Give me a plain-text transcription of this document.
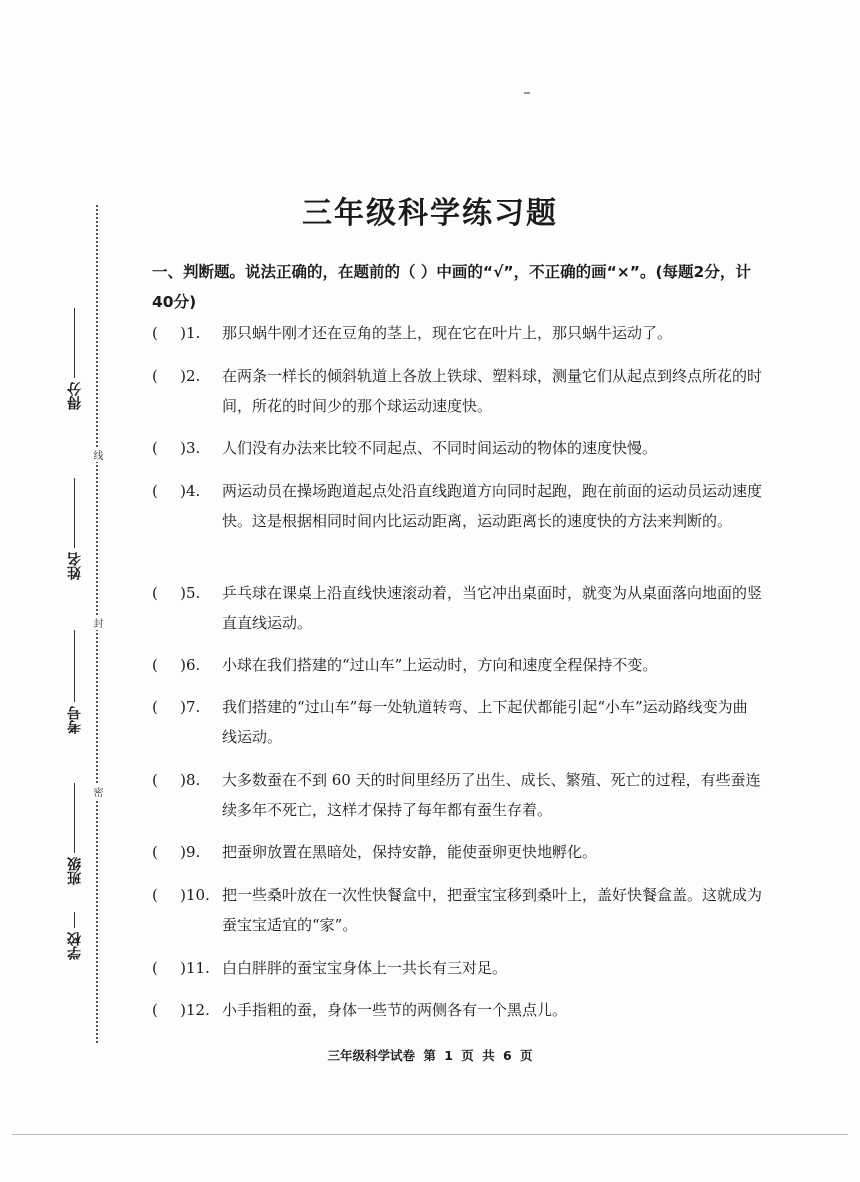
线
封
密
得分
姓名
考号
班级
学校
三年级科学练习题
一、判断题。说法正确的，在题前的（ ）中画的“√”，不正确的画“×”。(每题2分，计40分)
( ) 1.	那只蜗牛刚才还在豆角的茎上，现在它在叶片上，那只蜗牛运动了。
( ) 2.	在两条一样长的倾斜轨道上各放上铁球、塑料球，测量它们从起点到终点所花的时间，所花的时间少的那个球运动速度快。
( ) 3.	人们没有办法来比较不同起点、不同时间运动的物体的速度快慢。
( ) 4.	两运动员在操场跑道起点处沿直线跑道方向同时起跑，跑在前面的运动员运动速度快。这是根据相同时间内比运动距离，运动距离长的速度快的方法来判断的。
( ) 5.	乒乓球在课桌上沿直线快速滚动着，当它冲出桌面时，就变为从桌面落向地面的竖直直线运动。
( ) 6.	小球在我们搭建的“过山车”上运动时，方向和速度全程保持不变。
( ) 7.	我们搭建的“过山车”每一处轨道转弯、上下起伏都能引起“小车”运动路线变为曲线运动。
( ) 8.	大多数蚕在不到 60 天的时间里经历了出生、成长、繁殖、死亡的过程，有些蚕连续多年不死亡，这样才保持了每年都有蚕生存着。
( ) 9.	把蚕卵放置在黑暗处，保持安静，能使蚕卵更快地孵化。
( ) 10. 把一些桑叶放在一次性快餐盒中，把蚕宝宝移到桑叶上，盖好快餐盒盖。这就成为蚕宝宝适宜的“家”。
( ) 11. 白白胖胖的蚕宝宝身体上一共长有三对足。
( ) 12. 小手指粗的蚕，身体一些节的两侧各有一个黑点儿。
三年级科学试卷 第 1 页 共 6 页
